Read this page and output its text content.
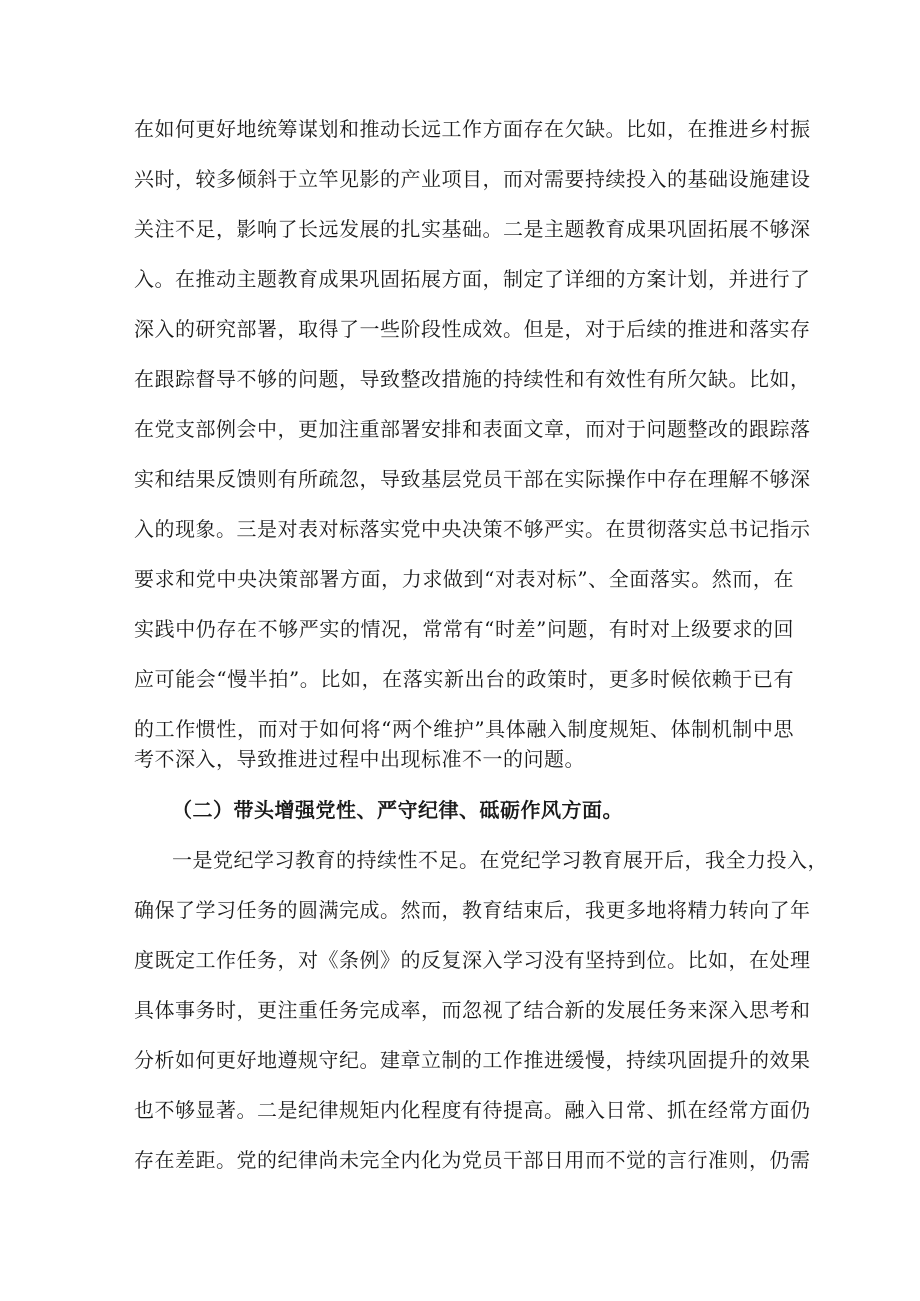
在如何更好地统筹谋划和推动长远工作方面存在欠缺。比如，在推进乡村振
兴时，较多倾斜于立竿见影的产业项目，而对需要持续投入的基础设施建设
关注不足，影响了长远发展的扎实基础。二是主题教育成果巩固拓展不够深
入。在推动主题教育成果巩固拓展方面，制定了详细的方案计划，并进行了
深入的研究部署，取得了一些阶段性成效。但是，对于后续的推进和落实存
在跟踪督导不够的问题，导致整改措施的持续性和有效性有所欠缺。比如，
在党支部例会中，更加注重部署安排和表面文章，而对于问题整改的跟踪落
实和结果反馈则有所疏忽，导致基层党员干部在实际操作中存在理解不够深
入的现象。三是对表对标落实党中央决策不够严实。在贯彻落实总书记指示
要求和党中央决策部署方面，力求做到“对表对标”、全面落实。然而，在
实践中仍存在不够严实的情况，常常有“时差”问题，有时对上级要求的回
应可能会“慢半拍”。比如，在落实新出台的政策时，更多时候依赖于已有
的工作惯性，而对于如何将“两个维护”具体融入制度规矩、体制机制中思
考不深入，导致推进过程中出现标准不一的问题。
（二）带头增强党性、严守纪律、砥砺作风方面。
一是党纪学习教育的持续性不足。在党纪学习教育展开后，我全力投入，
确保了学习任务的圆满完成。然而，教育结束后，我更多地将精力转向了年
度既定工作任务，对《条例》的反复深入学习没有坚持到位。比如，在处理
具体事务时，更注重任务完成率，而忽视了结合新的发展任务来深入思考和
分析如何更好地遵规守纪。建章立制的工作推进缓慢，持续巩固提升的效果
也不够显著。二是纪律规矩内化程度有待提高。融入日常、抓在经常方面仍
存在差距。党的纪律尚未完全内化为党员干部日用而不觉的言行准则，仍需
